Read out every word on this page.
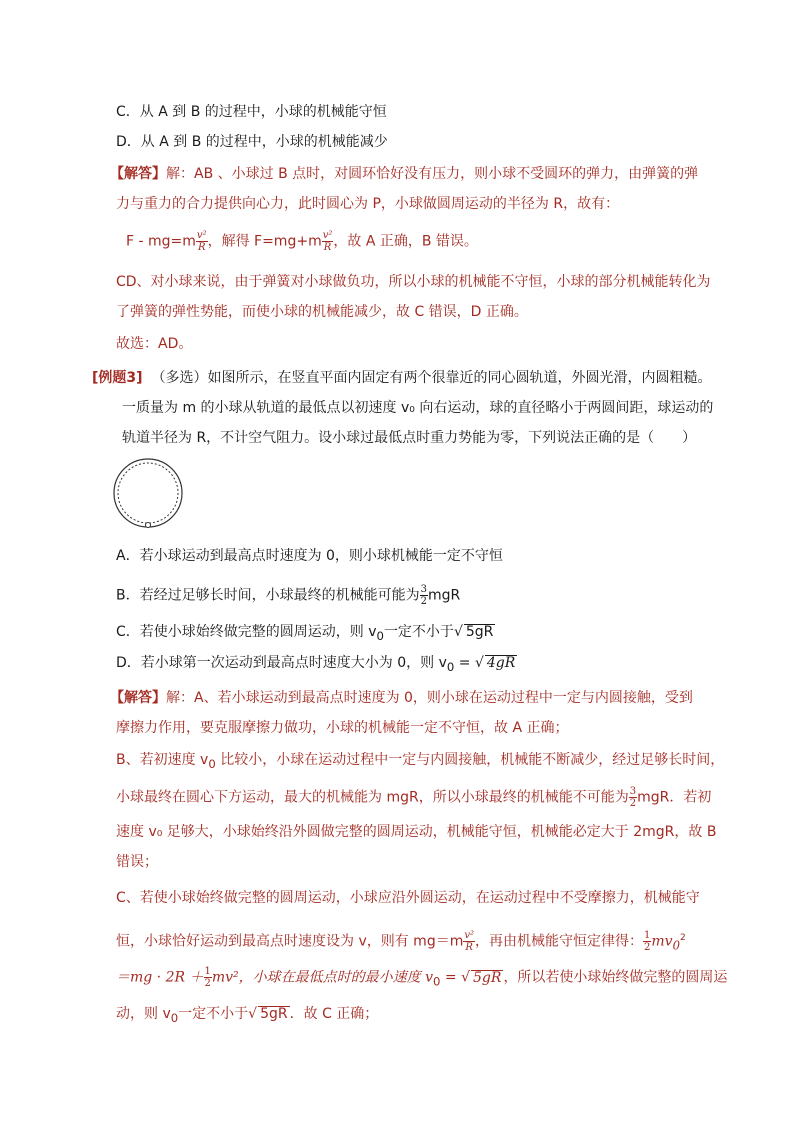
C．从 A 到 B 的过程中，小球的机械能守恒
D．从 A 到 B 的过程中，小球的机械能减少
【解答】解：AB 、小球过 B 点时，对圆环恰好没有压力，则小球不受圆环的弹力，由弹簧的弹
力与重力的合力提供向心力，此时圆心为 P，小球做圆周运动的半径为 R，故有：
$F - mg=m \frac{\text{v²}}{R}$ ，解得 $F=mg+m \frac{\text{v²}}{R}$ ，故 A 正确，B 错误。
CD、对小球来说，由于弹簧对小球做负功，所以小球的机械能不守恒，小球的部分机械能转化为
了弹簧的弹性势能，而使小球的机械能减少，故 C 错误，D 正确。
故选：AD。
[例题3] （多选）如图所示，在竖直平面内固定有两个很靠近的同心圆轨道，外圆光滑，内圆粗糙。
一质量为 m 的小球从轨道的最低点以初速度 v₀ 向右运动，球的直径略小于两圆间距，球运动的
轨道半径为 R，不计空气阻力。设小球过最低点时重力势能为零，下列说法正确的是（　　）
A．若小球运动到最高点时速度为 0，则小球机械能一定不守恒
B．若经过足够长时间，小球最终的机械能可能为 $\frac{3}{2}$ mgR
C．若使小球始终做完整的圆周运动，则 $v_0$一定不小于√ 5gR
D．若小球第一次运动到最高点时速度大小为 0，则 $v_0$ = √ 4gR
【解答】解：A、若小球运动到最高点时速度为 0，则小球在运动过程中一定与内圆接触，受到
摩擦力作用，要克服摩擦力做功，小球的机械能一定不守恒，故 A 正确；
B、若初速度 $v_0$ 比较小，小球在运动过程中一定与内圆接触，机械能不断减少，经过足够长时间，
小球最终在圆心下方运动，最大的机械能为 mgR，所以小球最终的机械能不可能为 $\frac{3}{2}$ mgR．若初
速度 v₀ 足够大，小球始终沿外圆做完整的圆周运动，机械能守恒，机械能必定大于 2mgR，故 B
错误；
C、若使小球始终做完整的圆周运动，小球应沿外圆运动，在运动过程中不受摩擦力，机械能守
恒，小球恰好运动到最高点时速度设为 v，则有 $mg=m \frac{\text{v²}}{R}$ ，再由机械能守恒定律得： $\frac{1}{2} mv_0^2$
$=mg \cdot 2R + \frac{1}{2} mv^2$，小球在最低点时的最小速度 $v_0$ = √ 5gR ，所以若使小球始终做完整的圆周运
动，则 $v_0$一定不小于√ 5gR ．故 C 正确；
